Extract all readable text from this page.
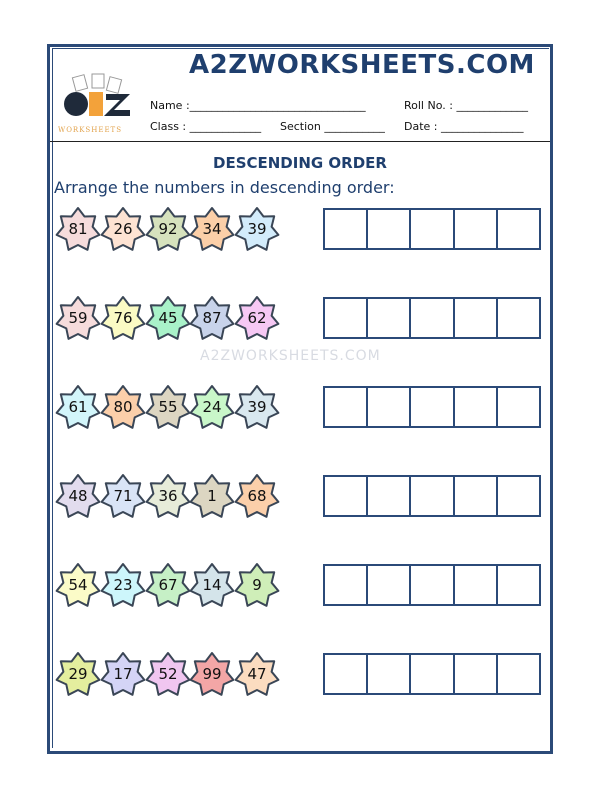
WORKSHEETS
A2ZWORKSHEETS.COM
Name :________________________________	Roll No. : _____________
Class : _____________ Section ___________ Date : _______________
DESCENDING ORDER
Arrange the numbers in descending order:
A2ZWORKSHEETS.COM
81	26	92	34	39
59	76	45	87	62
61	80	55	24	39
48	71	36	1	68
54	23	67	14	9
29	17	52	99	47
